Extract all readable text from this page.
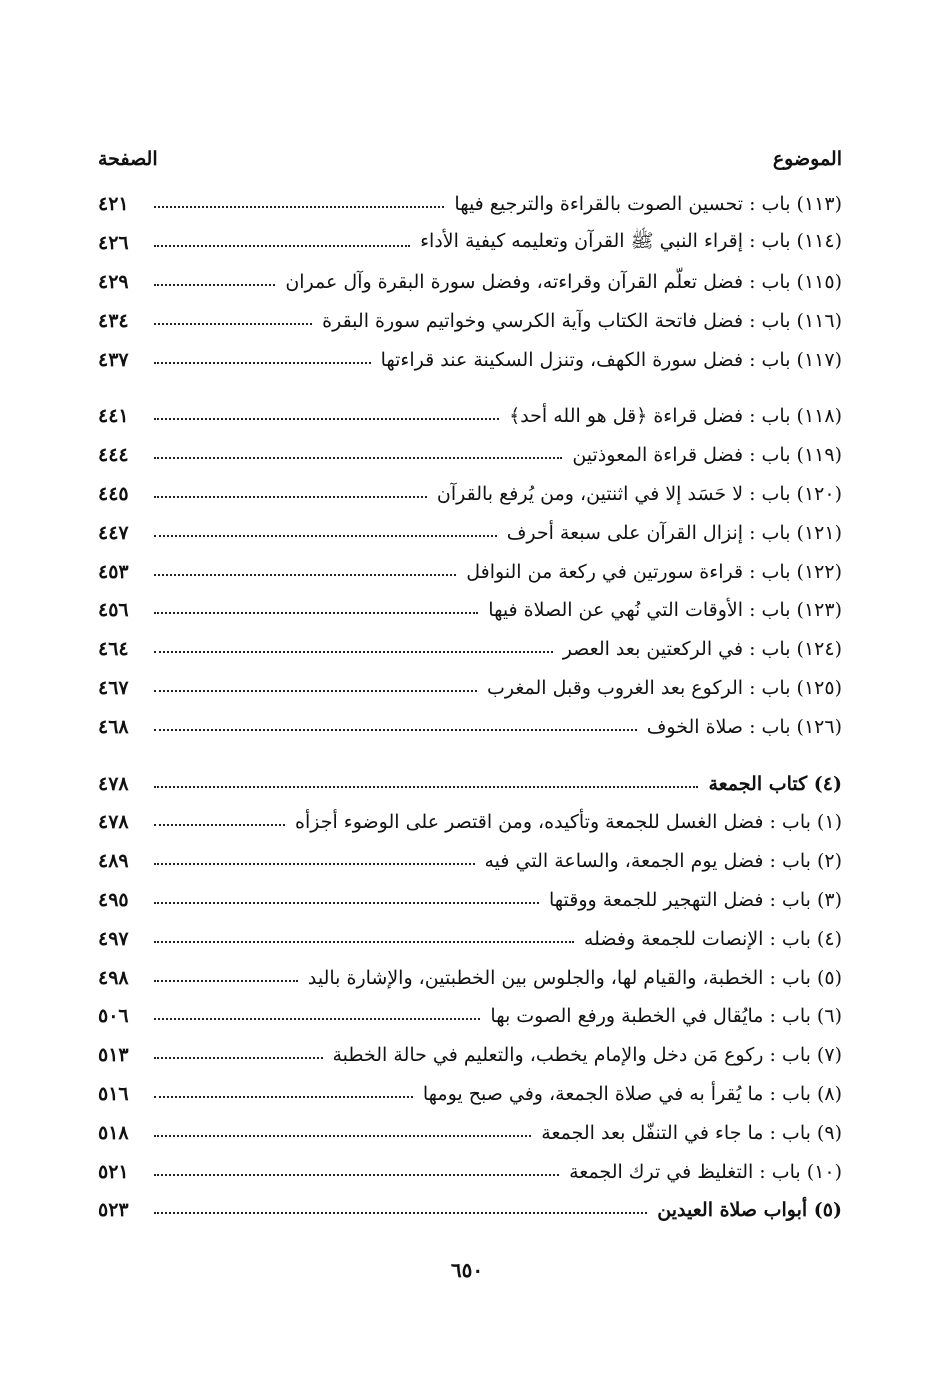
الموضوع
الصفحة
(١١٣) باب : تحسين الصوت بالقراءة والترجيع فيها
٤٢١
(١١٤) باب : إقراء النبي ﷺ القرآن وتعليمه كيفية الأداء
٤٢٦
(١١٥) باب : فضل تعلّم القرآن وقراءته، وفضل سورة البقرة وآل عمران
٤٢٩
(١١٦) باب : فضل فاتحة الكتاب وآية الكرسي وخواتيم سورة البقرة
٤٣٤
(١١٧) باب : فضل سورة الكهف، وتنزل السكينة عند قراءتها
٤٣٧
(١١٨) باب : فضل قراءة ﴿قل هو الله أحد﴾
٤٤١
(١١٩) باب : فضل قراءة المعوذتين
٤٤٤
(١٢٠) باب : لا حَسَد إلا في اثنتين، ومن يُرفع بالقرآن
٤٤٥
(١٢١) باب : إنزال القرآن على سبعة أحرف
٤٤٧
(١٢٢) باب : قراءة سورتين في ركعة من النوافل
٤٥٣
(١٢٣) باب : الأوقات التي نُهي عن الصلاة فيها
٤٥٦
(١٢٤) باب : في الركعتين بعد العصر
٤٦٤
(١٢٥) باب : الركوع بعد الغروب وقبل المغرب
٤٦٧
(١٢٦) باب : صلاة الخوف
٤٦٨
(٤) كتاب الجمعة
٤٧٨
(١) باب : فضل الغسل للجمعة وتأكيده، ومن اقتصر على الوضوء أجزأه
٤٧٨
(٢) باب : فضل يوم الجمعة، والساعة التي فيه
٤٨٩
(٣) باب : فضل التهجير للجمعة ووقتها
٤٩٥
(٤) باب : الإنصات للجمعة وفضله
٤٩٧
(٥) باب : الخطبة، والقيام لها، والجلوس بين الخطبتين، والإشارة باليد
٤٩٨
(٦) باب : مايُقال في الخطبة ورفع الصوت بها
٥٠٦
(٧) باب : ركوع مَن دخل والإمام يخطب، والتعليم في حالة الخطبة
٥١٣
(٨) باب : ما يُقرأ به في صلاة الجمعة، وفي صبح يومها
٥١٦
(٩) باب : ما جاء في التنفّل بعد الجمعة
٥١٨
(١٠) باب : التغليظ في ترك الجمعة
٥٢١
(٥) أبواب صلاة العيدين
٥٢٣
٦٥٠
